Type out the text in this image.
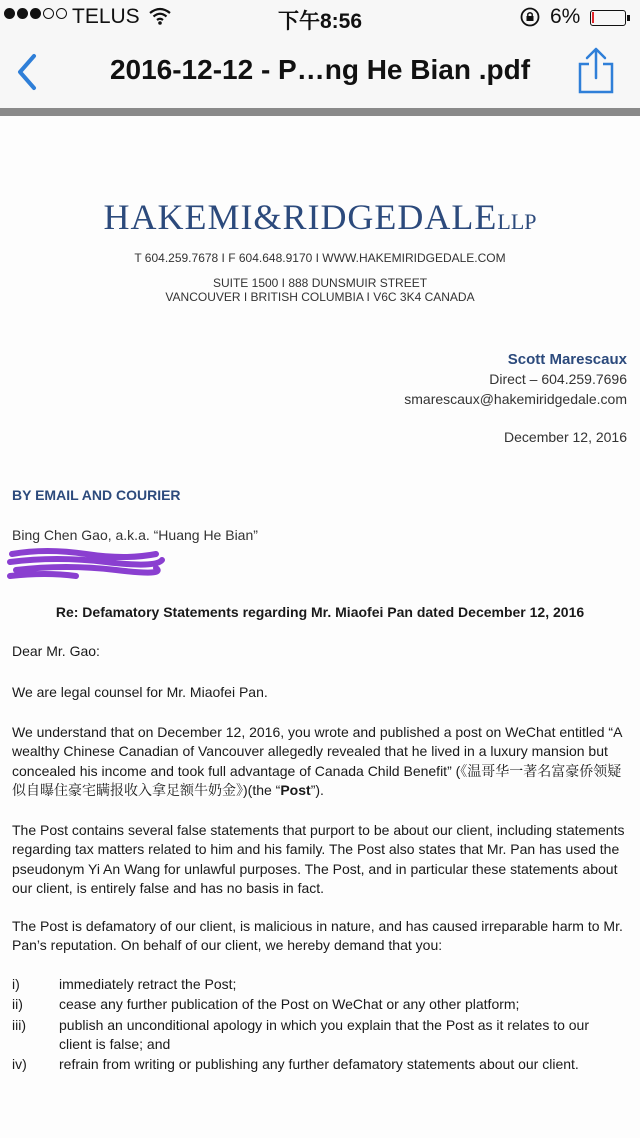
TELUS	下午8:56	6%
2016-12-12 - P…ng He Bian .pdf
HAKEMI&RIDGEDALELLP
T 604.259.7678 I F 604.648.9170 I WWW.HAKEMIRIDGEDALE.COM
SUITE 1500 I 888 DUNSMUIR STREET
VANCOUVER I BRITISH COLUMBIA I V6C 3K4 CANADA
Scott Marescaux
Direct – 604.259.7696
smarescaux@hakemiridgedale.com
December 12, 2016
BY EMAIL AND COURIER
Bing Chen Gao, a.k.a. “Huang He Bian”
Re: Defamatory Statements regarding Mr. Miaofei Pan dated December 12, 2016
Dear Mr. Gao:
We are legal counsel for Mr. Miaofei Pan.
We understand that on December 12, 2016, you wrote and published a post on WeChat entitled “A wealthy Chinese Canadian of Vancouver allegedly revealed that he lived in a luxury mansion but concealed his income and took full advantage of Canada Child Benefit” (《温哥华一著名富豪侨领疑似自曝住豪宅瞒报收入拿足额牛奶金》)(the “Post”).
The Post contains several false statements that purport to be about our client, including statements regarding tax matters related to him and his family. The Post also states that Mr. Pan has used the pseudonym Yi An Wang for unlawful purposes. The Post, and in particular these statements about our client, is entirely false and has no basis in fact.
The Post is defamatory of our client, is malicious in nature, and has caused irreparable harm to Mr. Pan’s reputation. On behalf of our client, we hereby demand that you:
i)	immediately retract the Post;
ii)	cease any further publication of the Post on WeChat or any other platform;
iii) publish an unconditional apology in which you explain that the Post as it relates to our client is false; and
iv) refrain from writing or publishing any further defamatory statements about our client.
